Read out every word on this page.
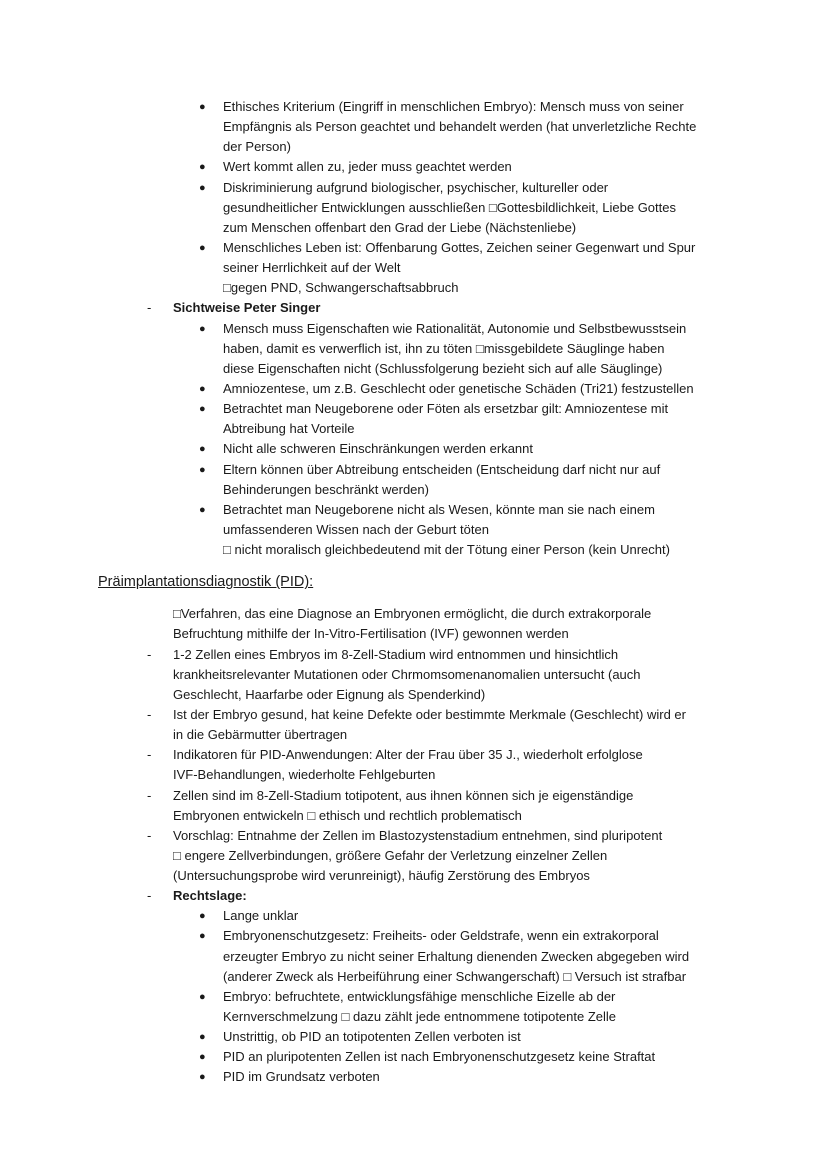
●	Ethisches Kriterium (Eingriff in menschlichen Embryo): Mensch muss von seiner
Empfängnis als Person geachtet und behandelt werden (hat unverletzliche Rechte
der Person)
●	Wert kommt allen zu, jeder muss geachtet werden
●	Diskriminierung aufgrund biologischer, psychischer, kultureller oder
gesundheitlicher Entwicklungen ausschließen □Gottesbildlichkeit, Liebe Gottes
zum Menschen offenbart den Grad der Liebe (Nächstenliebe)
●	Menschliches Leben ist: Offenbarung Gottes, Zeichen seiner Gegenwart und Spur
seiner Herrlichkeit auf der Welt
□gegen PND, Schwangerschaftsabbruch
-	Sichtweise Peter Singer
●	Mensch muss Eigenschaften wie Rationalität, Autonomie und Selbstbewusstsein
haben, damit es verwerflich ist, ihn zu töten □missgebildete Säuglinge haben
diese Eigenschaften nicht (Schlussfolgerung bezieht sich auf alle Säuglinge)
●	Amniozentese, um z.B. Geschlecht oder genetische Schäden (Tri21) festzustellen
●	Betrachtet man Neugeborene oder Föten als ersetzbar gilt: Amniozentese mit
Abtreibung hat Vorteile
●	Nicht alle schweren Einschränkungen werden erkannt
●	Eltern können über Abtreibung entscheiden (Entscheidung darf nicht nur auf
Behinderungen beschränkt werden)
●	Betrachtet man Neugeborene nicht als Wesen, könnte man sie nach einem
umfassenderen Wissen nach der Geburt töten
□ nicht moralisch gleichbedeutend mit der Tötung einer Person (kein Unrecht)
Präimplantationsdiagnostik (PID):
□Verfahren, das eine Diagnose an Embryonen ermöglicht, die durch extrakorporale
Befruchtung mithilfe der In-Vitro-Fertilisation (IVF) gewonnen werden
-	1-2 Zellen eines Embryos im 8-Zell-Stadium wird entnommen und hinsichtlich
krankheitsrelevanter Mutationen oder Chrmomsomenanomalien untersucht (auch
Geschlecht, Haarfarbe oder Eignung als Spenderkind)
-	Ist der Embryo gesund, hat keine Defekte oder bestimmte Merkmale (Geschlecht) wird er
in die Gebärmutter übertragen
-	Indikatoren für PID-Anwendungen: Alter der Frau über 35 J., wiederholt erfolglose
IVF-Behandlungen, wiederholte Fehlgeburten
-	Zellen sind im 8-Zell-Stadium totipotent, aus ihnen können sich je eigenständige
Embryonen entwickeln □ ethisch und rechtlich problematisch
-	Vorschlag: Entnahme der Zellen im Blastozystenstadium entnehmen, sind pluripotent
□ engere Zellverbindungen, größere Gefahr der Verletzung einzelner Zellen
(Untersuchungsprobe wird verunreinigt), häufig Zerstörung des Embryos
-	Rechtslage:
●	Lange unklar
●	Embryonenschutzgesetz: Freiheits- oder Geldstrafe, wenn ein extrakorporal
erzeugter Embryo zu nicht seiner Erhaltung dienenden Zwecken abgegeben wird
(anderer Zweck als Herbeiführung einer Schwangerschaft) □ Versuch ist strafbar
●	Embryo: befruchtete, entwicklungsfähige menschliche Eizelle ab der
Kernverschmelzung □ dazu zählt jede entnommene totipotente Zelle
●	Unstrittig, ob PID an totipotenten Zellen verboten ist
●	PID an pluripotenten Zellen ist nach Embryonenschutzgesetz keine Straftat
●	PID im Grundsatz verboten
